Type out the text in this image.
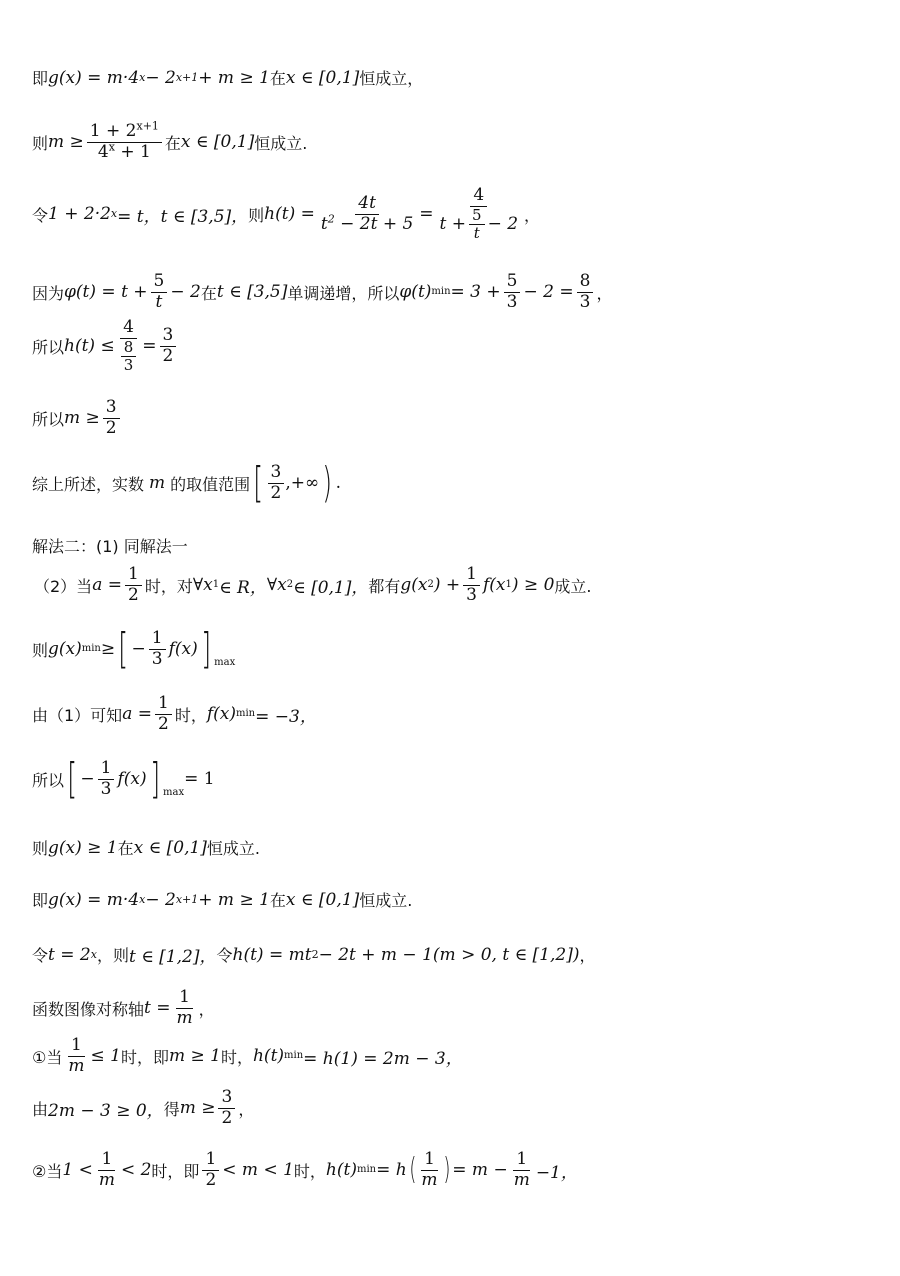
即 g(x) = m·4 x − 2 x+1 + m ≥ 1 在 x ∈ [0,1] 恒成立，
则 $m \ge \frac{1 + 2^{x+1}}{4^x + 1}$ 在 x ∈ [0,1] 恒成立.
令 1 + 2·2 x = t，t ∈ [3,5]， 则 $h(t) = \frac{4t}{t^2 - 2t + 5} = \frac{4}{t + \frac{5}{t} - 2}$ ，
因为 $\varphi(t) = t + \frac{5}{t} - 2$ 在 t ∈ [3,5] 单调递增，所以 φ(t) $\min = 3 + \frac{5}{3} - 2 = \frac{8}{3}$ ，
所以 $h(t) \le \frac{4}{\frac{8}{3}} = \frac{3}{2}$
所以 $m \ge \frac{3}{2}$
综上所述，实数 m 的取值范围 [ $\frac{3}{2}$ ,+∞ ) .
解法二：(1) 同解法一
（2）当 $a = \frac{1}{2}$ 时，对 ∀x 1 ∈ R， ∀x 2 ∈ [0,1]， 都有 g(x 2 ) + $\frac{1}{3} f(x$ 1 ) ≥ 0 成立.
则 g(x) min ≥ [ − $\frac{1}{3} f(x)$ ] $_{max}$
由（1）可知 $a = \frac{1}{2}$ 时， f(x) min = −3，
所以 [ − $\frac{1}{3} f(x)$ ] $_{max}$
= 1
则 g(x) ≥ 1 在 x ∈ [0,1] 恒成立.
即 g(x) = m·4 x − 2 x+1 + m ≥ 1 在 x ∈ [0,1] 恒成立.
令 t = 2 x ，则 t ∈ [1,2]， 令 h(t) = mt 2 − 2t + m − 1 (m > 0, t ∈ [1,2]) ，
函数图像对称轴 $t = \frac{1}{m}$ ，
①当 $\frac{1}{m} \le 1$ 时，即 m ≥ 1 时， h(t) min = h(1) = 2m − 3，
由 2m − 3 ≥ 0， 得 $m \ge \frac{3}{2}$ ，
②当 $1 < \frac{1}{m} < 2$ 时，即 $\frac{1}{2} < m < 1$ 时， h(t) min = h ( $\frac{1}{m}$ ) = $m - \frac{1}{m} -1$，
